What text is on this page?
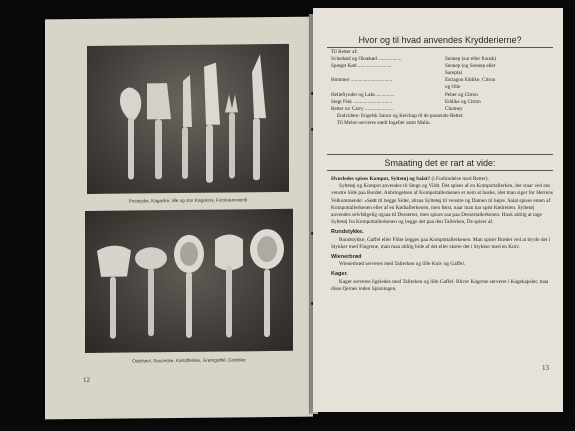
Postejske, Kagaske, lille og stor Kagekniv, Forskæreværdi
Ostehøvl, Sauceske, Kartoffelske, Grøntgaffel, Grødske
12
Hvor og til hvad anvendes Krydderierne?
Til Retter af:
Svinekød og Oksekød ..................	Sennep (sur eller fransk)
Spæget Kød ..........................	Sennep (og Sennep eller
Sarepta)
Hummer ................................	Estragon Eddike, Citron
og Olie
Hellefiynder og Laks ..............	Peber og Citron
Stegt Fisk ..............................	Eddike og Citron
Retter m/ Carry ......................	Chutney
Endvidere: Engelsk Sauce og Ketchup til de passende Retter.
Til Melon serveres stødt Ingefær samt Malin.
Smaating det er rart at vide:

Hvorledes spises Kompot, Syltetøj og Salat? (i Forbindelse med Retter).

Syltetøj og Kompot anvendes til Stege og Vildt. Det spises af en Kompottallerken, der staar ved ens venstre Side paa Bordet. Anbringelsen af Kompottallerkenen er nem at huske, idet man siger for Herrens Velkommende: »Sødt til begge Sider, altsaa Syltetøj til venstre og Damen til højre. Salat spises enten af Kompottallerkenen eller af en Kødtallerkenen, men først, naar man har spist Kødretten. Syltetøj anvendes selvfølgelig ogsaa til Desserter, men spises saa paa Dessertallerkenen. Husk aldrig at tage Syltetøj fra Kompottallerkenen og lægge det paa den Tallerken, De spiser af.

Rundstykke.

Rundstykke, Gaffel eller Flûte lægges paa Kompottallerkenen. Man spiser Brødet ved at bryde det i Stykker med Fingrene, man maa aldrig bide af det eller skære det i Stykker med en Kniv.

Wienerbrød

Wienerbrød serveres med Tallerken og lille Kniv og Gaffel.

Kager.

Kager serveres ligeledes med Tallerken og lille Gaffel. Bliver Kagerne serveret i Kagekapsler, maa disse fjernes inden Spisningen.

13
